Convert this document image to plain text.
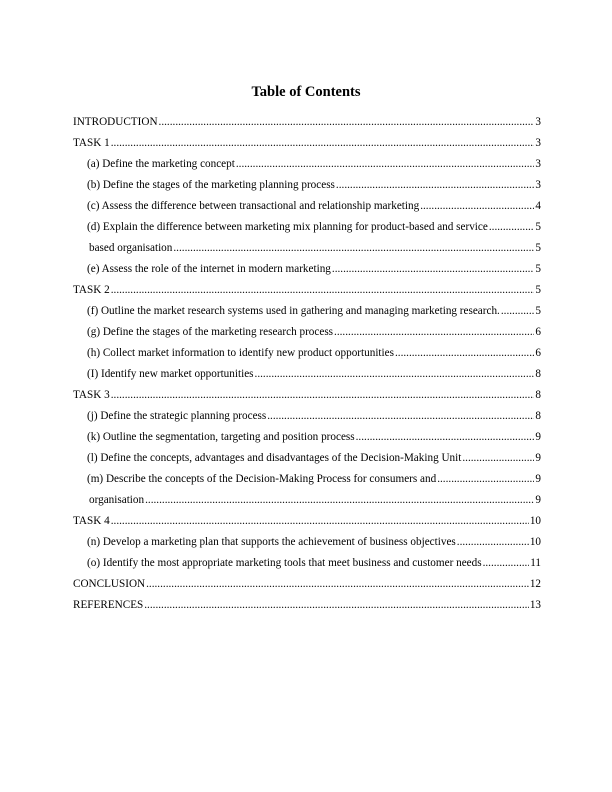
Table of Contents
INTRODUCTION .....	3
TASK 1 .....	3
(a) Define the marketing concept .....	3
(b) Define the stages of the marketing planning process .....	3
(c) Assess the difference between transactional and relationship marketing .....	4
(d) Explain the difference between marketing mix planning for product-based and service .....	5
based organisation .....	5
(e) Assess the role of the internet in modern marketing .....	5
TASK 2 .....	5
(f) Outline the market research systems used in gathering and managing marketing research. .....	5
(g) Define the stages of the marketing research process .....	6
(h) Collect market information to identify new product opportunities .....	6
(I) Identify new market opportunities .....	8
TASK 3 .....	8
(j) Define the strategic planning process .....	8
(k) Outline the segmentation, targeting and position process .....	9
(l) Define the concepts, advantages and disadvantages of the Decision-Making Unit .....	9
(m) Describe the concepts of the Decision-Making Process for consumers and .....	9
organisation .....	9
TASK 4 .....	10
(n) Develop a marketing plan that supports the achievement of business objectives .....	10
(o) Identify the most appropriate marketing tools that meet business and customer needs .....	11
CONCLUSION .....	12
REFERENCES .....	13
